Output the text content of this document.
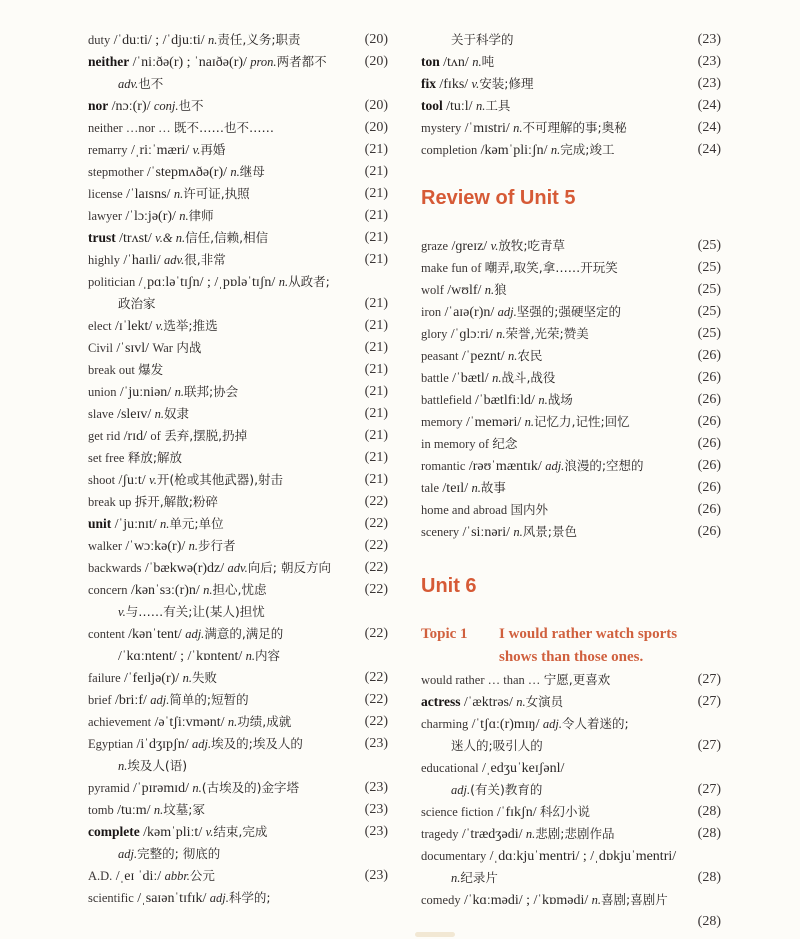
duty /ˈduːti/ ; /ˈdjuːti/ n.责任,义务;职责	(20)
neither /ˈniːðə(r) ; ˈnaɪðə(r)/ pron.两者都不	(20)
adv.也不
nor /nɔː(r)/ conj.也不	(20)
neither …nor … 既不……也不……	(20)
remarry /ˌriːˈmæri/ v.再婚	(21)
stepmother /ˈstepmʌðə(r)/ n.继母	(21)
license /ˈlaɪsns/ n.许可证,执照	(21)
lawyer /ˈlɔːjə(r)/ n.律师	(21)
trust /trʌst/ v.& n.信任,信赖,相信	(21)
highly /ˈhaɪli/ adv.很,非常	(21)
politician /ˌpɑːləˈtɪʃn/ ; /ˌpɒləˈtɪʃn/ n.从政者;
政治家	(21)
elect /ɪˈlekt/ v.选举;推选	(21)
Civil /ˈsɪvl/ War 内战	(21)
break out 爆发	(21)
union /ˈjuːniən/ n.联邦;协会	(21)
slave /sleɪv/ n.奴隶	(21)
get rid /rɪd/ of 丢弃,摆脱,扔掉	(21)
set free 释放;解放	(21)
shoot /ʃuːt/ v.开(枪或其他武器),射击	(21)
break up 拆开,解散;粉碎	(22)
unit /ˈjuːnɪt/ n.单元;单位	(22)
walker /ˈwɔːkə(r)/ n.步行者	(22)
backwards /ˈbækwə(r)dz/ adv.向后; 朝反方向 (22)
concern /kənˈsɜː(r)n/ n.担心,忧虑	(22)
v.与……有关;让(某人)担忧
content /kənˈtent/ adj.满意的,满足的	(22)
/ˈkɑːntent/ ; /ˈkɒntent/ n.内容
failure /ˈfeɪljə(r)/ n.失败	(22)
brief /briːf/ adj.简单的;短暂的	(22)
achievement /əˈtʃiːvmənt/ n.功绩,成就	(22)
Egyptian /iˈdʒɪpʃn/ adj.埃及的;埃及人的	(23)
n.埃及人(语)
pyramid /ˈpɪrəmɪd/ n.(古埃及的)金字塔	(23)
tomb /tuːm/ n.坟墓;冢	(23)
complete /kəmˈpliːt/ v.结束,完成	(23)
adj.完整的; 彻底的
A.D. /ˌeɪ ˈdiː/ abbr.公元	(23)
scientific /ˌsaɪənˈtɪfɪk/ adj.科学的;
关于科学的	(23)
ton /tʌn/ n.吨	(23)
fix /fɪks/ v.安装;修理	(23)
tool /tuːl/ n.工具	(24)
mystery /ˈmɪstri/ n.不可理解的事;奥秘	(24)
completion /kəmˈpliːʃn/ n.完成;竣工	(24)
Review of Unit 5
graze /ɡreɪz/ v.放牧;吃青草	(25)
make fun of 嘲弄,取笑,拿……开玩笑	(25)
wolf /wʊlf/ n.狼	(25)
iron /ˈaɪə(r)n/ adj.坚强的;强硬坚定的	(25)
glory /ˈɡlɔːri/ n.荣誉,光荣;赞美	(25)
peasant /ˈpeznt/ n.农民	(26)
battle /ˈbætl/ n.战斗,战役	(26)
battlefield /ˈbætlfiːld/ n.战场	(26)
memory /ˈmeməri/ n.记忆力,记性;回忆	(26)
in memory of 纪念	(26)
romantic /rəʊˈmæntɪk/ adj.浪漫的;空想的	(26)
tale /teɪl/ n.故事	(26)
home and abroad 国内外	(26)
scenery /ˈsiːnəri/ n.风景;景色	(26)
Unit 6
Topic 1 I would rather watch sports
shows than those ones.
would rather … than … 宁愿,更喜欢	(27)
actress /ˈæktrəs/ n.女演员	(27)
charming /ˈtʃɑː(r)mɪŋ/ adj.令人着迷的;
迷人的;吸引人的	(27)
educational /ˌedʒuˈkeɪʃənl/
adj.(有关)教育的	(27)
science fiction /ˈfɪkʃn/ 科幻小说	(28)
tragedy /ˈtrædʒədi/ n.悲剧;悲剧作品	(28)
documentary /ˌdɑːkjuˈmentri/ ; /ˌdɒkjuˈmentri/
n.纪录片	(28)
comedy /ˈkɑːmədi/ ; /ˈkɒmədi/ n.喜剧;喜剧片
(28)
